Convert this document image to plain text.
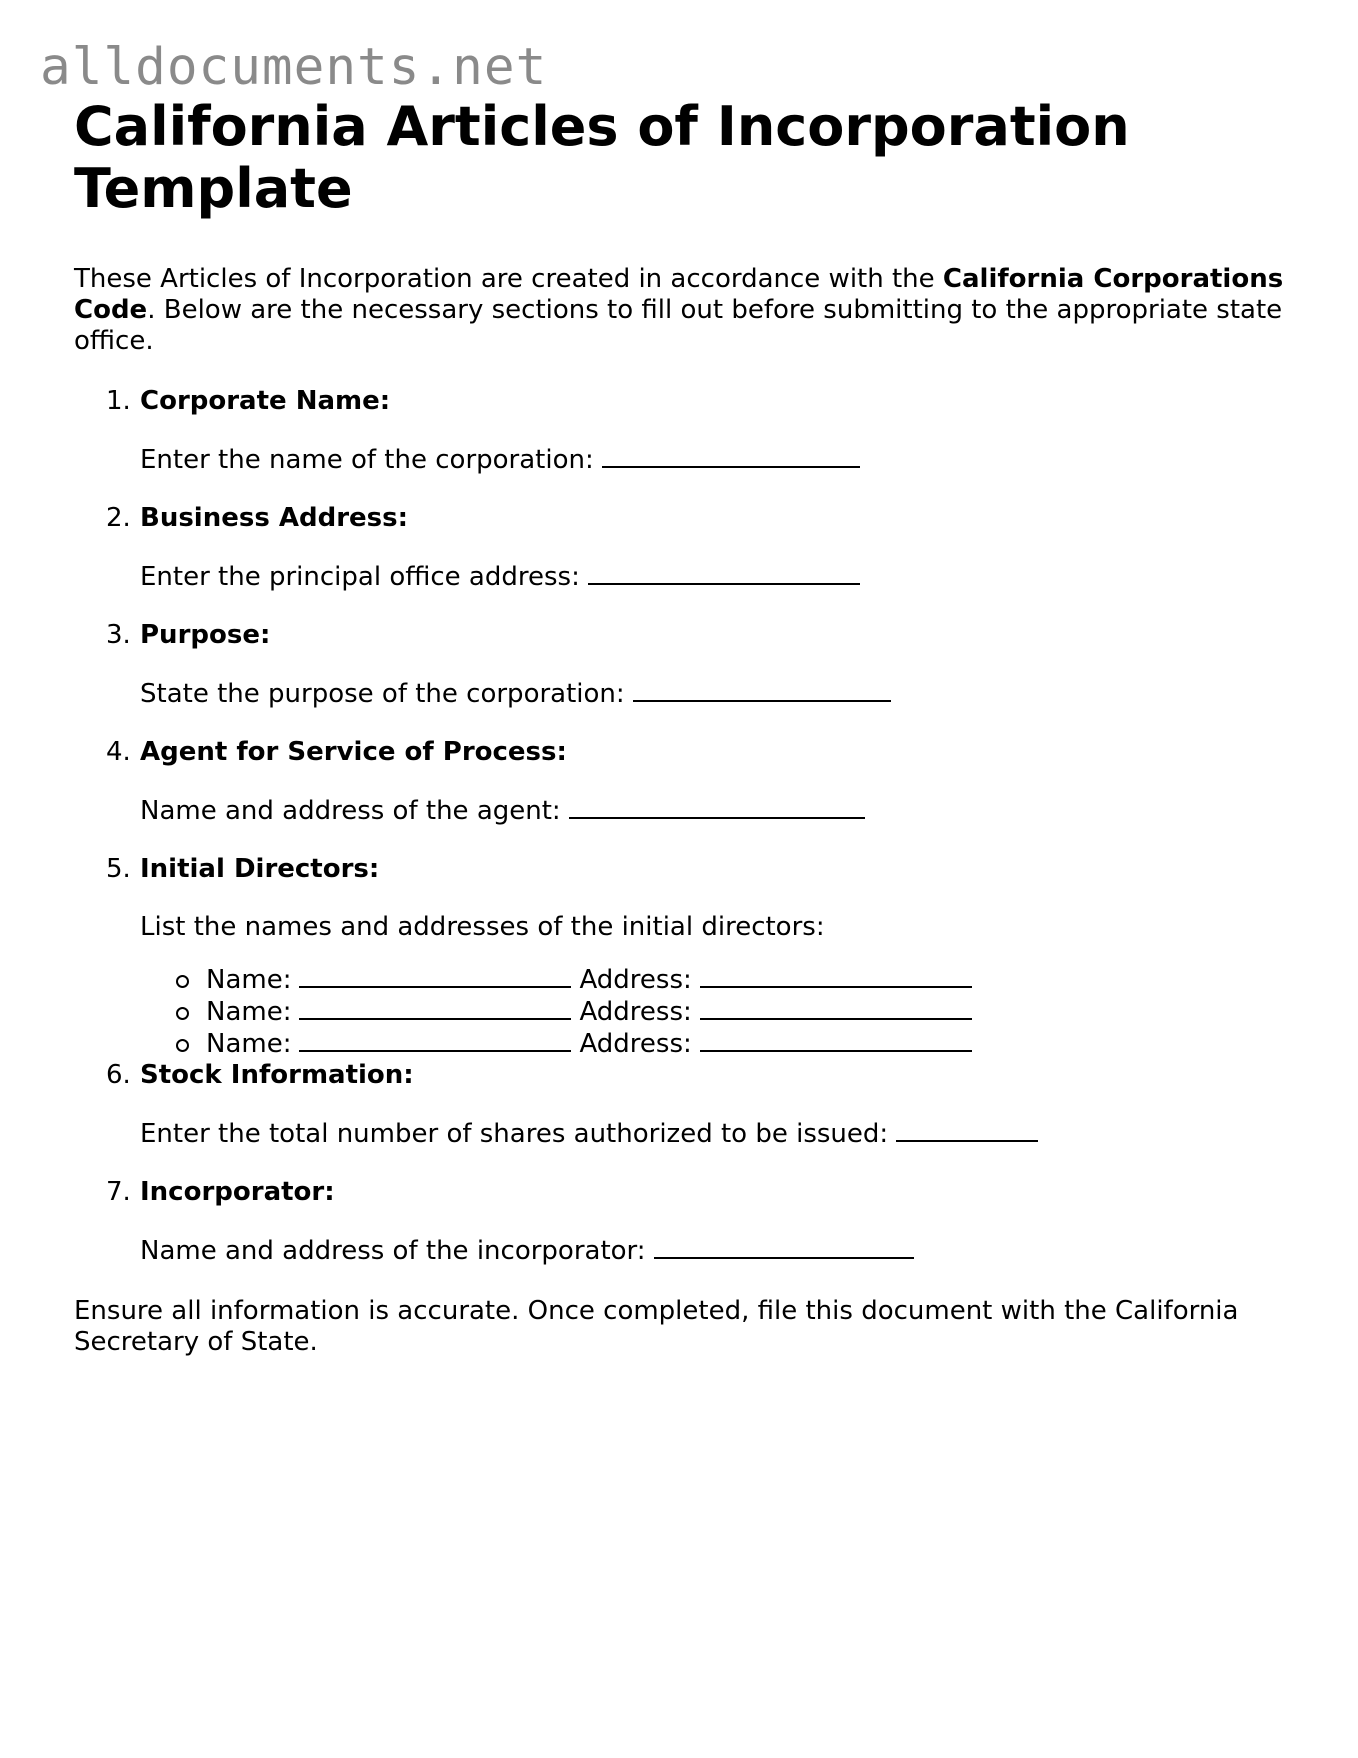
alldocuments.net
California Articles of Incorporation Template

These Articles of Incorporation are created in accordance with the California Corporations Code. Below are the necessary sections to fill out before submitting to the appropriate state office.

1. Corporate Name:

Enter the name of the corporation:

2. Business Address:

Enter the principal office address:

3. Purpose:

State the purpose of the corporation:

4. Agent for Service of Process:

Name and address of the agent:

5. Initial Directors:

List the names and addresses of the initial directors:

Name:	Address:
Name:	Address:
Name:	Address:

6. Stock Information:

Enter the total number of shares authorized to be issued:

7. Incorporator:

Name and address of the incorporator:

Ensure all information is accurate. Once completed, file this document with the California Secretary of State.
